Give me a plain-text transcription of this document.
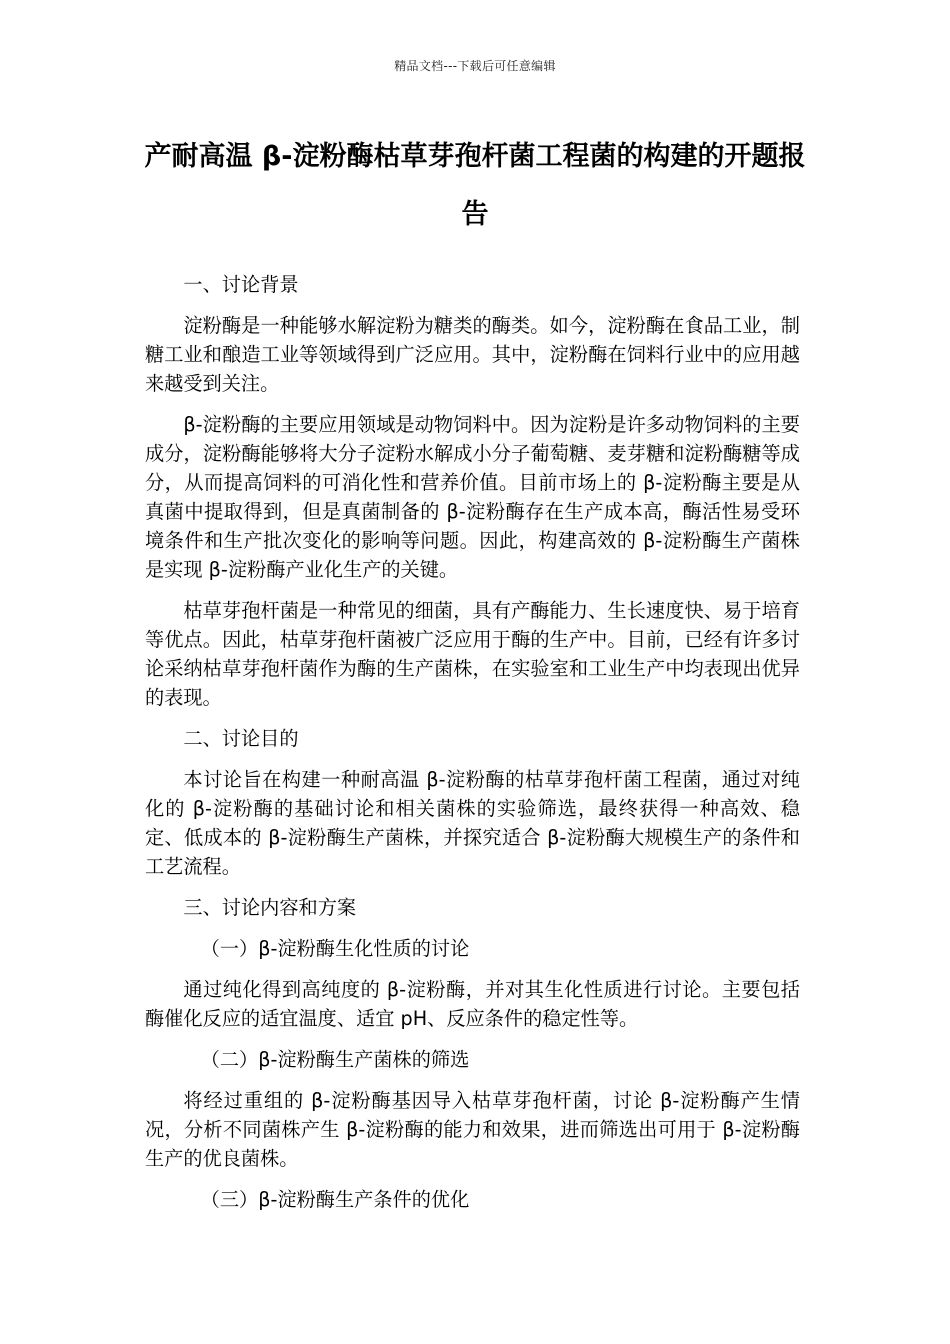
精品文档---下载后可任意编辑
产耐高温 β-淀粉酶枯草芽孢杆菌工程菌的构建的开题报告

一、讨论背景

淀粉酶是一种能够水解淀粉为糖类的酶类。如今，淀粉酶在食品工业，制糖工业和酿造工业等领域得到广泛应用。其中，淀粉酶在饲料行业中的应用越来越受到关注。

β-淀粉酶的主要应用领域是动物饲料中。因为淀粉是许多动物饲料的主要成分，淀粉酶能够将大分子淀粉水解成小分子葡萄糖、麦芽糖和淀粉酶糖等成分，从而提高饲料的可消化性和营养价值。目前市场上的 β-淀粉酶主要是从真菌中提取得到，但是真菌制备的 β-淀粉酶存在生产成本高，酶活性易受环境条件和生产批次变化的影响等问题。因此，构建高效的 β-淀粉酶生产菌株是实现 β-淀粉酶产业化生产的关键。

枯草芽孢杆菌是一种常见的细菌，具有产酶能力、生长速度快、易于培育等优点。因此，枯草芽孢杆菌被广泛应用于酶的生产中。目前，已经有许多讨论采纳枯草芽孢杆菌作为酶的生产菌株，在实验室和工业生产中均表现出优异的表现。

二、讨论目的

本讨论旨在构建一种耐高温 β-淀粉酶的枯草芽孢杆菌工程菌，通过对纯化的 β-淀粉酶的基础讨论和相关菌株的实验筛选，最终获得一种高效、稳定、低成本的 β-淀粉酶生产菌株，并探究适合 β-淀粉酶大规模生产的条件和工艺流程。

三、讨论内容和方案

（一）β-淀粉酶生化性质的讨论

通过纯化得到高纯度的 β-淀粉酶，并对其生化性质进行讨论。主要包括酶催化反应的适宜温度、适宜 pH、反应条件的稳定性等。

（二）β-淀粉酶生产菌株的筛选

将经过重组的 β-淀粉酶基因导入枯草芽孢杆菌，讨论 β-淀粉酶产生情况，分析不同菌株产生 β-淀粉酶的能力和效果，进而筛选出可用于 β-淀粉酶生产的优良菌株。

（三）β-淀粉酶生产条件的优化
